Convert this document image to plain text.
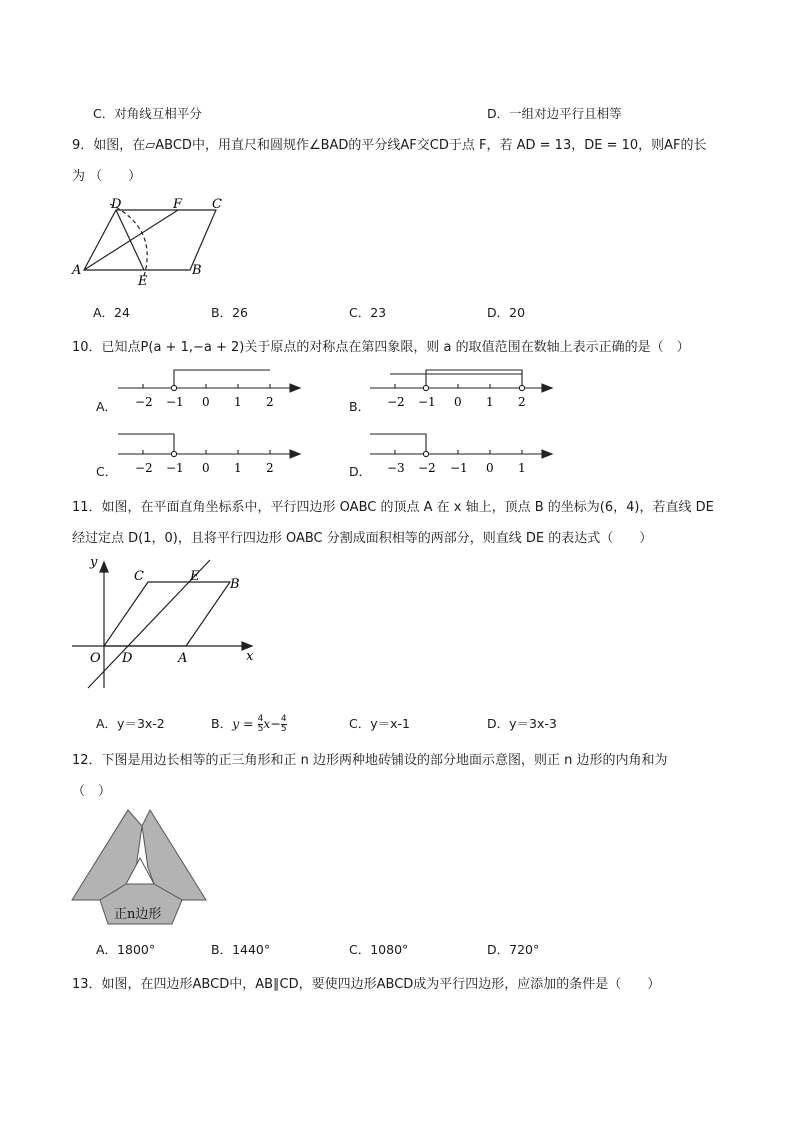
C．对角线互相平分	D．一组对边平行且相等
9．如图，在▱ABCD中，用直尺和圆规作∠BAD的平分线AF交CD于点 F，若 AD = 13，DE = 10，则AF的长
为 （　　）
D	F C
A
E
B
A．24	B．26	C．23	D．20
10．已知点P(a + 1,−a + 2)关于原点的对称点在第四象限，则 a 的取值范围在数轴上表示正确的是（　）
A． −2 −1 0 1 2	B． −2 −1 0 1 2
C． −2 −1 0 1 2	D． −3 −2 −1 0 1
11．如图，在平面直角坐标系中，平行四边形 OABC 的顶点 A 在 x 轴上，顶点 B 的坐标为(6，4)，若直线 DE
经过定点 D(1，0)，且将平行四边形 OABC 分割成面积相等的两部分，则直线 DE 的表达式（　　）
y
x
O D	A
C	E
B
A．y＝3x-2	B．$y = \frac{4}{5} x- \frac{4}{5}$	C．y＝x-1	D．y＝3x-3
12．下图是用边长相等的正三角形和正 n 边形两种地砖铺设的部分地面示意图，则正 n 边形的内角和为
（　）
正n边形
A．1800°	B．1440°	C．1080°	D．720°
13．如图，在四边形ABCD中，AB∥CD，要使四边形ABCD成为平行四边形，应添加的条件是（　　）
